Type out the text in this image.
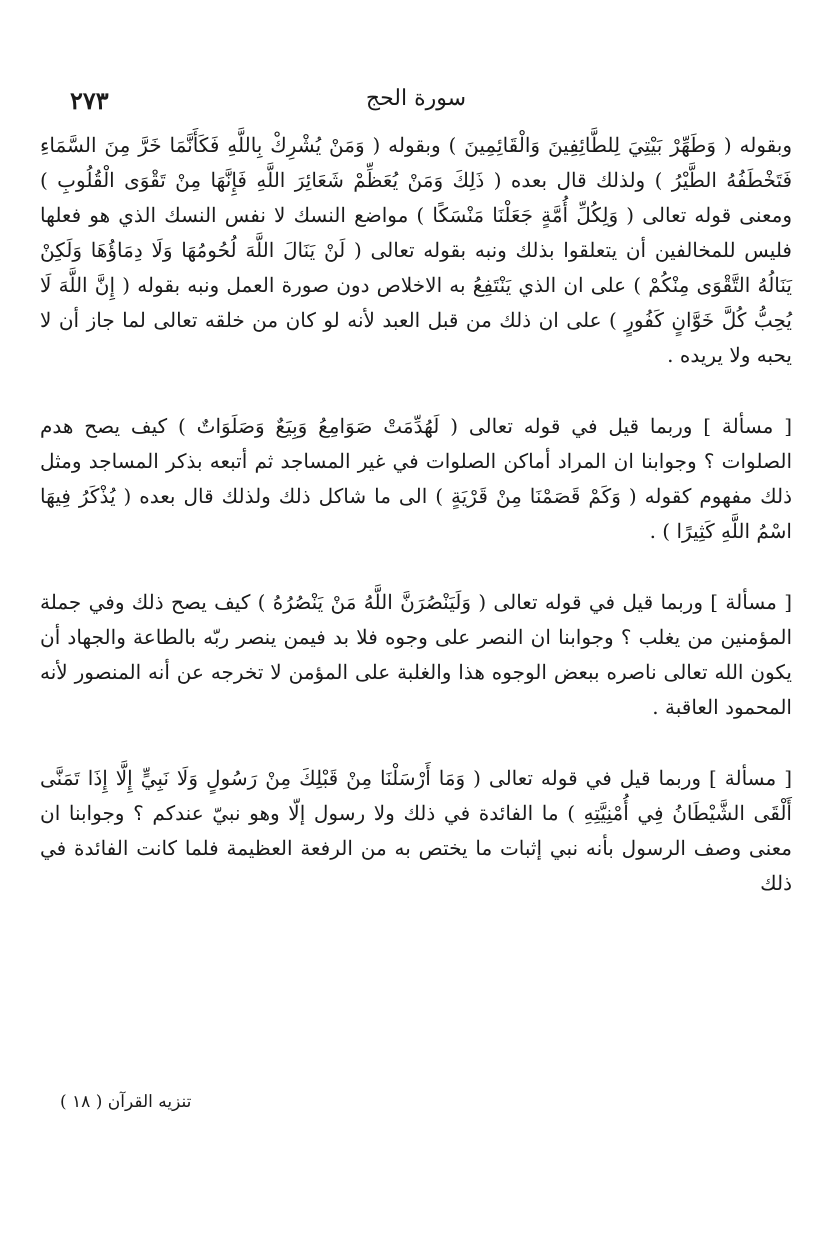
سورة الحج
٢٧٣

وبقوله ( وَطَهِّرْ بَيْتِيَ لِلطَّائِفِينَ وَالْقَائِمِينَ ) وبقوله ( وَمَنْ يُشْرِكْ بِاللَّهِ فَكَأَنَّمَا خَرَّ مِنَ السَّمَاءِ فَتَخْطَفُهُ الطَّيْرُ ) ولذلك قال بعده ( ذَلِكَ وَمَنْ يُعَظِّمْ شَعَائِرَ اللَّهِ فَإِنَّهَا مِنْ تَقْوَى الْقُلُوبِ ) ومعنى قوله تعالى ( وَلِكُلِّ أُمَّةٍ جَعَلْنَا مَنْسَكًا ) مواضع النسك لا نفس النسك الذي هو فعلها فليس للمخالفين أن يتعلقوا بذلك ونبه بقوله تعالى ( لَنْ يَنَالَ اللَّهَ لُحُومُهَا وَلَا دِمَاؤُهَا وَلَكِنْ يَنَالُهُ التَّقْوَى مِنْكُمْ ) على ان الذي يَنْتَفِعُ به الاخلاص دون صورة العمل ونبه بقوله ( إِنَّ اللَّهَ لَا يُحِبُّ كُلَّ خَوَّانٍ كَفُورٍ ) على ان ذلك من قبل العبد لأنه لو كان من خلقه تعالى لما جاز أن لا يحبه ولا يريده .

[ مسألة ] وربما قيل في قوله تعالى ( لَهُدِّمَتْ صَوَامِعُ وَبِيَعٌ وَصَلَوَاتٌ ) كيف يصح هدم الصلوات ؟ وجوابنا ان المراد أماكن الصلوات في غير المساجد ثم أتبعه بذكر المساجد ومثل ذلك مفهوم كقوله ( وَكَمْ قَصَمْنَا مِنْ قَرْيَةٍ ) الى ما شاكل ذلك ولذلك قال بعده ( يُذْكَرُ فِيهَا اسْمُ اللَّهِ كَثِيرًا ) .

[ مسألة ] وربما قيل في قوله تعالى ( وَلَيَنْصُرَنَّ اللَّهُ مَنْ يَنْصُرُهُ ) كيف يصح ذلك وفي جملة المؤمنين من يغلب ؟ وجوابنا ان النصر على وجوه فلا بد فيمن ينصر ربّه بالطاعة والجهاد أن يكون الله تعالى ناصره ببعض الوجوه هذا والغلبة على المؤمن لا تخرجه عن أنه المنصور لأنه المحمود العاقبة .

[ مسألة ] وربما قيل في قوله تعالى ( وَمَا أَرْسَلْنَا مِنْ قَبْلِكَ مِنْ رَسُولٍ وَلَا نَبِيٍّ إِلَّا إِذَا تَمَنَّى أَلْقَى الشَّيْطَانُ فِي أُمْنِيَّتِهِ ) ما الفائدة في ذلك ولا رسول إلّا وهو نبيّ عندكم ؟ وجوابنا ان معنى وصف الرسول بأنه نبي إثبات ما يختص به من الرفعة العظيمة فلما كانت الفائدة في ذلك

تنزيه القرآن ( ١٨ )
